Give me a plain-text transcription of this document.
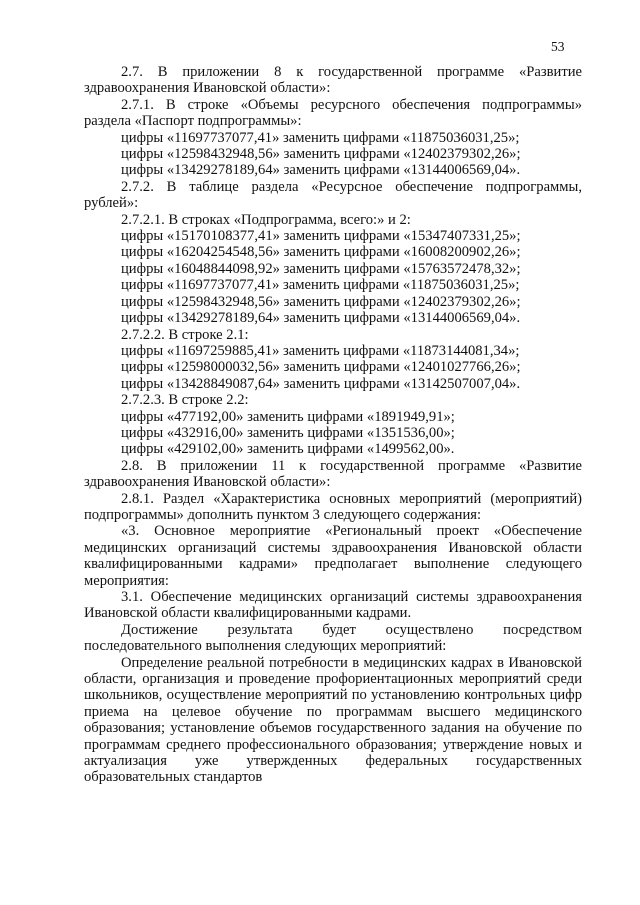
53

2.7. В приложении 8 к государственной программе «Развитие здравоохранения Ивановской области»:

2.7.1. В строке «Объемы ресурсного обеспечения подпрограммы» раздела «Паспорт подпрограммы»:

цифры «11697737077,41» заменить цифрами «11875036031,25»;

цифры «12598432948,56» заменить цифрами «12402379302,26»;

цифры «13429278189,64» заменить цифрами «13144006569,04».

2.7.2. В таблице раздела «Ресурсное обеспечение подпрограммы, рублей»:

2.7.2.1. В строках «Подпрограмма, всего:» и 2:

цифры «15170108377,41» заменить цифрами «15347407331,25»;

цифры «16204254548,56» заменить цифрами «16008200902,26»;

цифры «16048844098,92» заменить цифрами «15763572478,32»;

цифры «11697737077,41» заменить цифрами «11875036031,25»;

цифры «12598432948,56» заменить цифрами «12402379302,26»;

цифры «13429278189,64» заменить цифрами «13144006569,04».

2.7.2.2. В строке 2.1:

цифры «11697259885,41» заменить цифрами «11873144081,34»;

цифры «12598000032,56» заменить цифрами «12401027766,26»;

цифры «13428849087,64» заменить цифрами «13142507007,04».

2.7.2.3. В строке 2.2:

цифры «477192,00» заменить цифрами «1891949,91»;

цифры «432916,00» заменить цифрами «1351536,00»;

цифры «429102,00» заменить цифрами «1499562,00».

2.8. В приложении 11 к государственной программе «Развитие здравоохранения Ивановской области»:

2.8.1. Раздел «Характеристика основных мероприятий (мероприятий) подпрограммы» дополнить пунктом 3 следующего содержания:

«3. Основное мероприятие «Региональный проект «Обеспечение медицинских организаций системы здравоохранения Ивановской области квалифицированными кадрами» предполагает выполнение следующего мероприятия:

3.1. Обеспечение медицинских организаций системы здравоохранения Ивановской области квалифицированными кадрами.

Достижение результата будет осуществлено посредством последовательного выполнения следующих мероприятий:

Определение реальной потребности в медицинских кадрах в Ивановской области, организация и проведение профориентационных мероприятий среди школьников, осуществление мероприятий по установлению контрольных цифр приема на целевое обучение по программам высшего медицинского образования; установление объемов государственного задания на обучение по программам среднего профессионального образования; утверждение новых и актуализация уже утвержденных федеральных государственных образовательных стандартов
